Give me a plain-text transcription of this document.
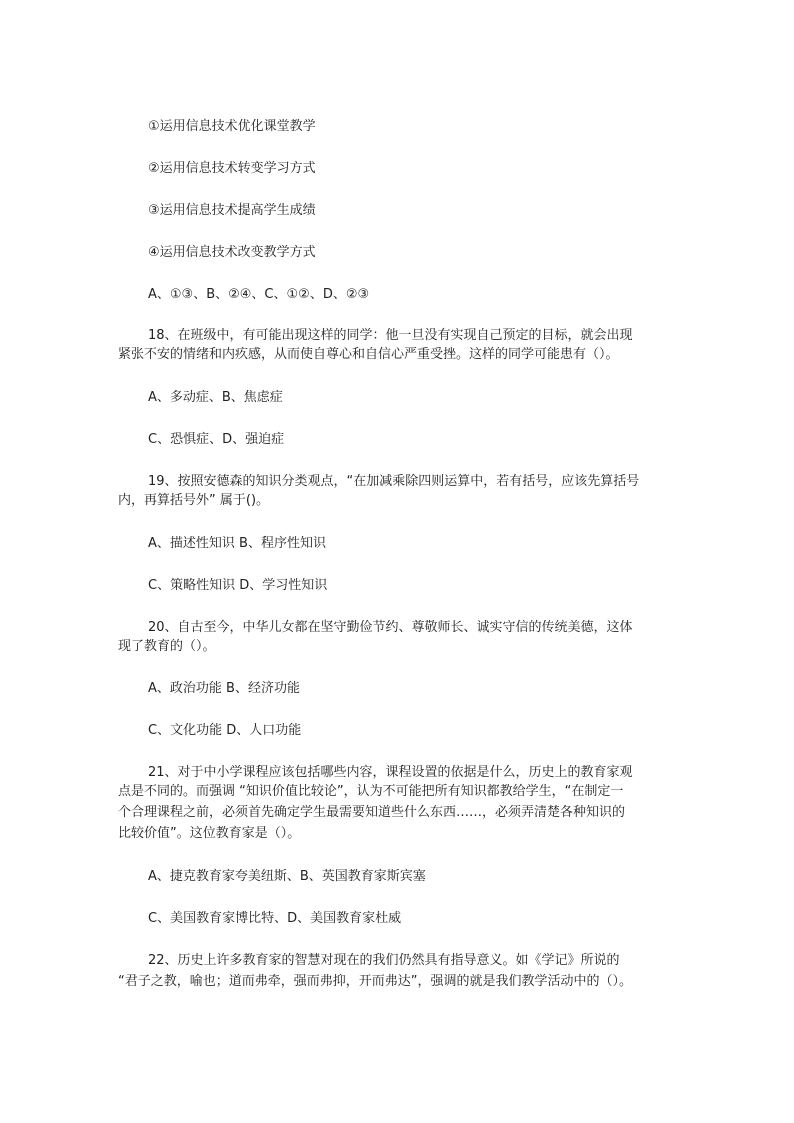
①运用信息技术优化课堂教学
②运用信息技术转变学习方式
③运用信息技术提高学生成绩
④运用信息技术改变教学方式
A、①③、B、②④、C、①②、D、②③
18、在班级中，有可能出现这样的同学：他一旦没有实现自己预定的目标，就会出现
紧张不安的情绪和内疚感，从而使自尊心和自信心严重受挫。这样的同学可能患有（）。
A、多动症、B、焦虑症
C、恐惧症、D、强迫症
19、按照安德森的知识分类观点，“在加减乘除四则运算中，若有括号，应该先算括号
内，再算括号外” 属于()。
A、描述性知识 B、程序性知识
C、策略性知识 D、学习性知识
20、自古至今，中华儿女都在坚守勤俭节约、尊敬师长、诚实守信的传统美德，这体
现了教育的（）。
A、政治功能 B、经济功能
C、文化功能 D、人口功能
21、对于中小学课程应该包括哪些内容，课程设置的依据是什么，历史上的教育家观
点是不同的。而强调 “知识价值比较论”，认为不可能把所有知识都教给学生，“在制定一
个合理课程之前，必须首先确定学生最需要知道些什么东西……，必须弄清楚各种知识的
比较价值”。这位教育家是（）。
A、捷克教育家夸美纽斯、B、英国教育家斯宾塞
C、美国教育家博比特、D、美国教育家杜威
22、历史上许多教育家的智慧对现在的我们仍然具有指导意义。如《学记》所说的
“君子之教，喻也；道而弗牵，强而弗抑，开而弗达”，强调的就是我们教学活动中的（）。
